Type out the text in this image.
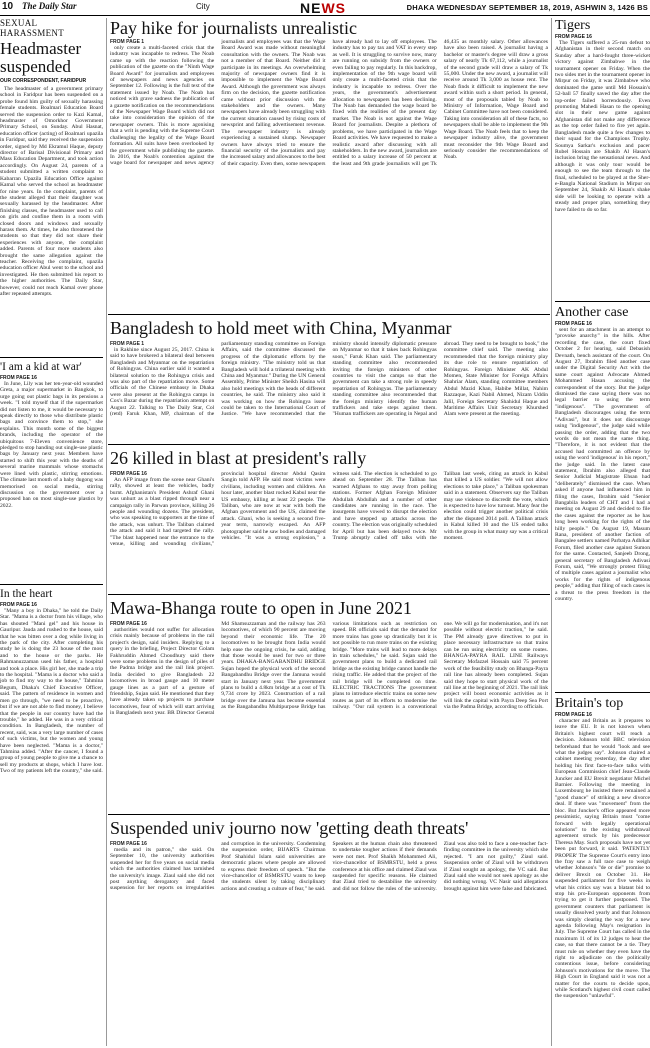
10 The Daily Star	City	NEWS	DHAKA WEDNESDAY SEPTEMBER 18, 2019, ASHWIN 3, 1426 BS
SEXUAL HARASSMENT
Headmaster suspended
OUR CORRESPONDENT, FARIDPUR

The headmaster of a government primary school in Faridpur has been suspended on a probe found him guilty of sexually harassing female students. Boalmari Education Board served the suspension order to Kazi Kamal, headmaster of Omorkhor Government Primary School, on Sunday. Abul Hasnat, education officer (acting) of Boalmari upazila in Faridpur, said they received the suspension order, signed by Md Ekramul Haque, deputy director of Barisal Divisional Primary and Mass Education Department, and took action accordingly. On August 24, parents of a student submitted a written complaint to Kabarran Upazila Education Office against Kamal who served the school as headmaster for nine years. In the complaint, parents of the student alleged that their daughter was sexually harassed by the headmaster. After finishing classes, the headmaster used to call on girls and confine them in a room with closed doors and windows and sexually harass them. At times, he also threatened the students so that they did not share their experiences with anyone, the complaint added. Parents of four more students also brought the same allegation against the teacher. Receiving the complaint, upazila education officer Abul went to the school and investigated. He then submitted his report to the higher authorities. The Daily Star, however, could not reach Kamal over phone after repeated attempts.

'I am a kid at war'
FROM PAGE 16

In June, Lily was her ten-year-old wounded Greta, a major supermarket in Bangkok, to urge going out plastic bags in its pensions a week. "I told myself that if the supermarket did not listen to me, it would be necessary to speak directly to those who distribute plastic bags and convince them to stop," she explains. This month some of the biggest brands, including the operator of the ubiquitous 7-Eleven convenience store, pledged to stop handing out single-use plastic bags by January next year. Members have started to shift this year with the deaths of several marine mammals whose stomachs were lined with plastic, stirring emotions. The climate last month of a baby dugong was memorised on social media, stirring discussion on the government over a proposed ban on most single-use plastics by 2022.

In the heart
FROM PAGE 16

"Many a boy in Dhaka," he told the Daily Star. "Mama is a doctor from his village, who has shouted "Mani gel" and his house in Gauripur. Jauda and rushed to the house, said that he was bitten over a dog while living in the park of the city. After completing his study he is doing the 23 house of the most and to the house or the parks. He Rahmanuzzaman used his father, a hospital and took a place. His girl her, she made a trip to the hospital. "Mama is a doctor who said a job to find my way to the house," Tahmina Begum, Dhaka's Chief Executive Officer, said. The pattern of residence in women and men go through, "we need to be proactive, but if we are not able to find money, I believe that the people in our country have had the trouble," he added. He was in a very critical condition. In Bangladesh, the number of recent, said, was a very large number of cases of such victims, but the women and young have been neglected. "Mama is a doctor," Tahmina added. "After the cancer, I found a group of young people to give me a chance to sell my products at shops, which I have lost. Two of my patients left the country," she said.

Pay hike for journalists unrealistic
FROM PAGE 1

only create a multi-faceted crisis that the industry was incapable to redress. The Noab came up with the reaction following the publication of the gazette on the "Ninth Wage Board Award" for journalists and employees of newspapers and news agencies on September 12. Following is the full text of the statement issued by Noab. The Noab has noticed with grave sadness the publication of a gazette notification on the recommendations of the Newspaper Wage Board which did not take into consideration the opinion of the newspaper owners. This is more agonising that a writ is pending with the Supreme Court challenging the legality of the Wage Board formation. All suits have been overlooked by the government while publishing the gazette. In 2016, the Noab's contention against the wage board for newspaper and news agency journalists and employees was that the Wage Board Award was made without meaningful consultation with the owners. The Noab was not a member of that Board. Neither did it participate in its meetings. An overwhelming majority of newspaper owners find it is impossible to implement the Wage Board Award. Although the government was always firm on the decision, the gazette notification came without prior discussion with the stakeholders and the owners. Many newspapers have already been struggling with the current situation caused by rising costs of newsprint and falling advertisement revenue. The newspaper industry is already experiencing a sustained slump. Newspaper owners have always tried to ensure the financial security of the journalists and pay the increased salary and allowances to the best of their capacity. Even then, some newspapers have already had to lay off employees. The industry has to pay tax and VAT in every step as well. It is struggling to survive now, many are running on subsidy from the owners or even failing to pay regularly. In this backdrop, implementation of the 9th wage board will only create a multi-faceted crisis that the industry is incapable to redress. Over the years, the government's advertisement allocation to newspapers has been declining. The Noab has demanded the wage board be fixed with the realities of the present day market. The Noab is not against the Wage Board for journalists. Despite a plethora of problems, we have participated in the Wage Board activities. We have requested to make a realistic award after discussing with all stakeholders. In the new award, journalists are entitled to a salary increase of 50 percent at the least and 9th grade journalists will get Tk 46,435 as monthly salary. Other allowances have also been raised. A journalist having a bachelor or master's degree will draw a gross salary of nearly Tk 67,112, while a journalist of the second grade will draw a salary of Tk 55,000. Under the new award, a journalist will receive around Tk 3,000 as house rent. The Noab finds it difficult to implement the new award within such a short period. In general, most of the proposals tabled by Noab to Ministry of Information, Wage Board and Cabinet Committee have not been considered. Taking into consideration all of these facts, no newspapers shall be able to implement the 9th Wage Board. The Noab feels that to keep the newspaper industry alive, the government must reconsider the 9th Wage Board and seriously consider the recommendations of Noab.

Bangladesh to hold meet with China, Myanmar
FROM PAGE 1

in Rakhine since August 25, 2017. China is said to have brokered a bilateral deal between Bangladesh and Myanmar on the repatriation of Rohingyas. China earlier said it wanted a bilateral solution to the Rohingya crisis and was also part of the repatriation move. Some officials of the Chinese embassy in Dhaka were also present at the Rohingya camps in Cox's Bazar during the repatriation attempt on August 22. Talking to The Daily Star, Col (retd) Faruk Khan, MP, chairman of the parliamentary standing committee on Foreign Affairs, said the committee discussed the progress of the diplomatic efforts by the foreign ministry. "The ministry told us that Bangladesh will hold a trilateral meeting with China and Myanmar." During the UN General Assembly, Prime Minister Sheikh Hasina will also hold meetings with the heads of different countries, he said. The ministry also said it was working on how the Rohingya issue could be taken to the International Court of Justice. "We have recommended that the ministry should intensify diplomatic pressure on Myanmar so that it takes back Rohingyas soon," Faruk Khan said. The parliamentary standing committee also recommended inviting the foreign ministers of other countries to visit the camps so that the government can take a strong role in speedy repatriation of Rohingyas. The parliamentary standing committee also recommended that the foreign ministry identify the human traffickers and take steps against them. "Human traffickers are operating in Nepal and abroad. They need to be brought to book," the committee chief said. The meeting also recommended that the foreign ministry play its due role to ensure repatriation of Rohingyas. Foreign Minister AK Abdul Momen, State Minister for Foreign Affairs Shahriar Alam, standing committee members Abdul Mazid Khan, Habibe Millat, Nahim Razzaque, Kazi Nabil Ahmed, Nizam Uddin Jalil, Foreign Secretary Shahidul Haque and Maritime Affairs Unit Secretary Khurshed Alam were present at the meeting.

26 killed in blast at president's rally
FROM PAGE 16

An AFP image from the scene near Ghani's rally, showed at least the vehicles, badly burnt. Afghanistan's President Ashraf Ghani was unhurt as a blast ripped through near a campaign rally in Parwan province, killing 26 people and wounding dozens. The president, who was speaking to supporters at the time of the attack, was unhurt. The Taliban claimed the attack and said it had targeted the rally. "The blast happened near the entrance to the venue, killing and wounding civilians," provincial hospital director Abdul Qasim Sangin told AFP. He said most victims were civilians, including women and children. An hour later, another blast rocked Kabul near the US embassy, killing at least 22 people. The Taliban, who are now at war with both the Afghan government and the US, claimed the attack. Ghani, who is seeking a second five-year term, narrowly escaped. An AFP photographer said he saw bodies and damaged vehicles. "It was a strong explosion," a witness said. The election is scheduled to go ahead on September 28. The Taliban has warned Afghans to stay away from polling stations. Former Afghan Foreign Minister Abdullah Abdullah and a number of other candidates are running in the race. The insurgents have vowed to disrupt the election and have stepped up attacks across the country. The election was originally scheduled for April but has been delayed twice. Mr Trump abruptly called off talks with the Taliban last week, citing an attack in Kabul that killed a US soldier. "We will not allow elections to take place," a Taliban spokesman said in a statement. Observers say the Taliban may use violence to discredit the vote, which is expected to have low turnout. Many fear the election could trigger another political crisis after the disputed 2014 poll. A Taliban attack in Kabul killed 10 and the US ended talks with the group in what many say was a critical moment.

Mawa-Bhanga route to open in June 2021
FROM PAGE 16

authorities would not suffer for allocation crisis mainly because of problems in the rail project's design, said insiders. Replying to a query in the briefing, Project Director Golam Fakhruddin Ahmed Choudhury said there were some problems in the design of piles of the Padma bridge and the rail link project. India decided to give Bangladesh 22 locomotives in broad gauge and 10 meter gauge lines as a part of a gesture of friendship, Sujan said. He mentioned that they have already taken up projects to purchase locomotives, four of which will start arriving in Bangladesh next year. BR Director General Md Shamsuzzaman and the railway has 263 locomotives, of which 90 percent are moving beyond their economic life. The 20 locomotives to be brought from India would help ease the ongoing crisis, he said, adding that those would be used for two or three years. DHAKA-BANGABANDHU BRIDGE Sujan hoped the physical work of the second Bangabandhu Bridge over the Jamuna would start in January next year. The government plans to build a 4.8km bridge at a cost of Tk 9,734 crore by 2023. Construction of a rail bridge over the Jamuna has become essential as the Bangabandhu Multipurpose Bridge has various limitations such as restriction on speed. BR officials said that the demand for more trains has gone up drastically but it is not possible to run more trains on the existing bridge. "More trains will lead to more delays in train schedules," he said. Sujan said the government plans to build a dedicated rail bridge as the existing bridge cannot handle the rising traffic. He added that the project of the rail bridge will be completed on time. ELECTRIC TRACTIONS The government plans to introduce electric trains on some new routes as part of its efforts to modernise the railway. "Our rail system is a conventional one. We will go for modernisation, and it's not possible without electric traction," he said. The PM already gave directives to put in place necessary infrastructure so that trains can be run using electricity on some routes. BHANGA-PAYRA RAIL LINE Railways Secretary Mofazzel Hossain said 75 percent work of the feasibility study on Bhanga-Payra rail line has already been completed. Sujan said they hope to start physical work of the rail line at the beginning of 2021. The rail link project will boost economic activities as it will link the capital with Payra Deep Sea Port via the Padma Bridge, according to officials.

Suspended univ journo now 'getting death threats'
FROM PAGE 16

media and its patron," she said. On September 10, the university authorities suspended her for five years on social media which the authorities claimed has tarnished the university's image. Ziaul said she did not post anything derogatory and faced suspension for her reports on irregularities and corruption in the university. Condemning the suspension order, BIJARTS Chairman Prof Shahidul Islam said universities are democratic places where people are allowed to express their freedom of speech. "But the vice-chancellor of BSMRSTU wants to keep the students silent by taking disciplinary actions and creating a culture of fear," he said. Speakers at the human chain also threatened to undertake tougher actions if their demands were not met. Prof Shaikh Mohammed Ali, vice-chancellor of BSMRSTU, held a press conference at his office and claimed Ziaul was suspended for specific reasons. He claimed that Ziaul tried to destabilise the university and did not follow the rules of the university. Ziaul was also told to face a one-teacher fact-finding committee in the university which she rejected. "I am not guilty," Ziaul said. Suspension order of Ziaul will be withdrawn if Ziaul sought an apology, the VC said. But Ziaul said she would not seek apology as she did nothing wrong. VC Nasir said allegations brought against him were false and fabricated.

Tigers
FROM PAGE 16

The Tigers suffered a 25-run defeat to Afghanistan in their second match on Sunday after a hard-fought three-wicket victory against Zimbabwe in the tournament opener on Friday. When the two sides met in the tournament opener in Mirpur on Friday, it was Zimbabwe who dominated the game until Md Hossain's 52-ball 57 finally saved the day after the top-order failed horrendously. Even promoting Mahedi Hasan to the opening slot in their new game against Afghanistan did not make any difference as the top order failed to fire yet again. Bangladesh made quite a few changes to their squad for the Champions Trophy. Soumya Sarkar's exclusion and pacer Rubel Hossain are Shakib Al Hasan's inclusion bring the sensational news. And although it was only tour would be enough to see the team through to the final, scheduled to be played at the Sher-e-Bangla National Stadium in Mirpur on September 24, Shakib Al Hasan's shake side will be looking to operate with a steady and proper plan, something they have failed to do so far.

Another case
FROM PAGE 16

sent for an attachment in an attempt to "provoke anarchy" in the hills. After recording the case, the court fixed October 2 for hearing, said Debasish Devnath, bench assistant of the court. On August 27, Ibrahim filed another case under the Digital Security Act with the same court against Advocate Ahmed Mohammed Hasan accusing the correspondent of the story. But the judge dismissed the case saying there was no legal barrier to using the term "indigenous". "The government of Bangladesh discourages using the term "Adivasi", but it does not discourage using "indigenous", the judge said while passing the order, adding that the two words do not mean the same thing. "Therefore, it is not evident that the accused had committed an offence by using the word 'indigenous' in his report," the judge said. In the latest case statement, Ibrahim also alleged that Senior Judicial Magistrate Ehsan had "deliberately" dismissed the case. When asked if anyone had influenced him in filing the cases, Ibrahim said "Senior Bangabila leaders of CHT and I had a meeting on August 29 and decided to file the cases against the reporter as he has long been working for the rights of the hilly people." On August 19, Masum Rana, president of another faction of Bangalee settlers named Parbatya Adhikar Forum, filed another case against Sumon for the same. Contacted, Sanjeeb Drong, general secretary of Bangladesh Adivasi Forum, said, "We strongly protest filing of multiple cases against a journalist who works for the rights of indigenous people," adding that filing of such cases is a threat to the press freedom in the country.

Britain's top
FROM PAGE 16

character and Britain as it prepares to leave the EU. It is not known when Britain's highest court will reach a decision. Johnson told BBC television beforehand that he would "look and see what the judges say". Johnson chaired a cabinet meeting yesterday, the day after holding his first face-to-face talks with European Commission chief Jean-Claude Juncker and EU Brexit negotiator Michel Barnier. Following the meeting in Luxembourg he insisted there remained a "good chance" of striking a new divorce deal. If there was "movement" from the bloc. But Juncker's office appeared more pessimistic, saying Britain must "come forward with legally operational solutions" to the existing withdrawal agreement struck by his predecessor Theresa May. Such proposals have not yet been put forward, it said. 'PATENTLY PROPER' The Supreme Court's entry into the fray saw a full race case to weigh whether Johnson's "de or die" promise to deliver Brexit on October 31. He suspended parliament for five weeks in what his critics say was a blatant bid to stop his pro-European opponents from trying to get it further postponed. The government counters that parliament is usually dissolved yearly and that Johnson was simply clearing the way for a new agenda following May's resignation in July. The Supreme Court has called in the maximum 11 of its 12 judges to hear the case, so that there cannot be a tie. They must rule on whether they even have the right to adjudicate on the politically contentious issue, before considering Johnson's motivations for the move. The High Court in England said it was not a matter for the courts to decide upon, while Scotland's highest civil court called the suspension "unlawful".
